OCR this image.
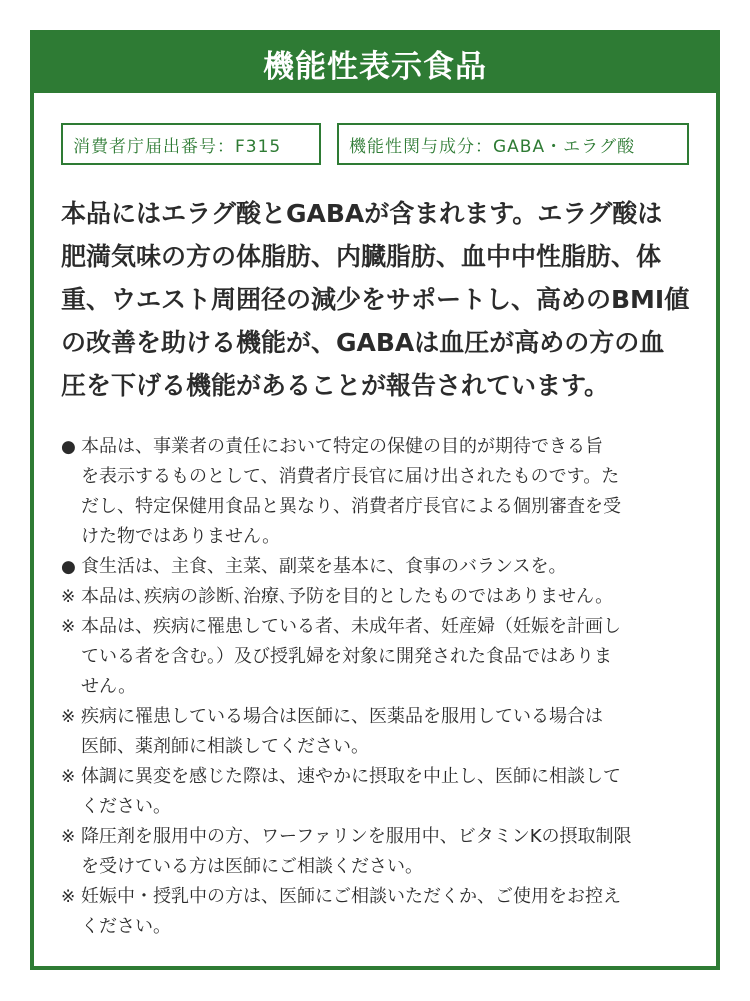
機能性表示食品
消費者庁届出番号：F315	機能性関与成分：GABA・エラグ酸
本品にはエラグ酸とGABAが含まれます。エラグ酸は
肥満気味の方の体脂肪、内臓脂肪、血中中性脂肪、体
重、ウエスト周囲径の減少をサポートし、高めのBMI値
の改善を助ける機能が、GABAは血圧が高めの方の血
圧を下げる機能があることが報告されています。
● 本品は、事業者の責任において特定の保健の目的が期待できる旨
を表示するものとして、消費者庁長官に届け出されたものです。た
だし、特定保健用食品と異なり、消費者庁長官による個別審査を受
けた物ではありません。
● 食生活は、主食、主菜、副菜を基本に、食事のバランスを。
※ 本品は､疾病の診断､治療､予防を目的としたものではありません。
※ 本品は、疾病に罹患している者、未成年者、妊産婦（妊娠を計画し
ている者を含む。）及び授乳婦を対象に開発された食品ではありま
せん。
※ 疾病に罹患している場合は医師に、医薬品を服用している場合は
医師、薬剤師に相談してください。
※ 体調に異変を感じた際は、速やかに摂取を中止し、医師に相談して
ください。
※ 降圧剤を服用中の方、ワーファリンを服用中、ビタミンKの摂取制限
を受けている方は医師にご相談ください。
※ 妊娠中・授乳中の方は、医師にご相談いただくか、ご使用をお控え
ください。
